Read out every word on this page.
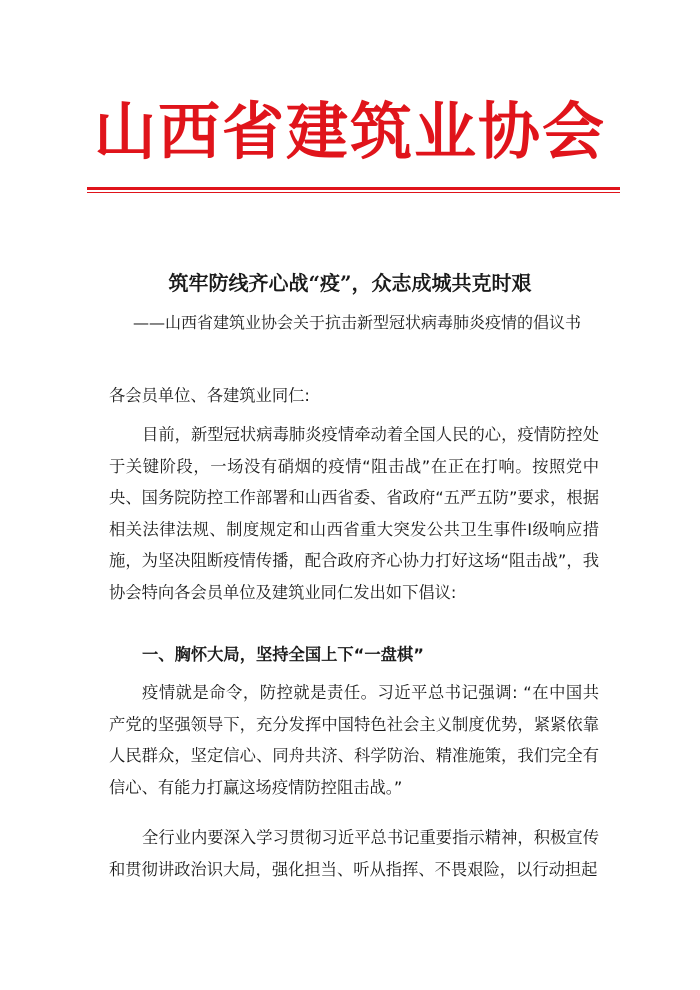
山西省建筑业协会
筑牢防线齐心战“疫”，众志成城共克时艰
——山西省建筑业协会关于抗击新型冠状病毒肺炎疫情的倡议书
各会员单位、各建筑业同仁:
目前，新型冠状病毒肺炎疫情牵动着全国人民的心，疫情防控处于关键阶段，一场没有硝烟的疫情“阻击战”在正在打响。按照党中央、国务院防控工作部署和山西省委、省政府“五严五防”要求，根据相关法律法规、制度规定和山西省重大突发公共卫生事件Ⅰ级响应措施，为坚决阻断疫情传播，配合政府齐心协力打好这场“阻击战”，我协会特向各会员单位及建筑业同仁发出如下倡议:
一、胸怀大局，坚持全国上下“一盘棋”
疫情就是命令，防控就是责任。习近平总书记强调: “在中国共产党的坚强领导下，充分发挥中国特色社会主义制度优势，紧紧依靠人民群众，坚定信心、同舟共济、科学防治、精准施策，我们完全有信心、有能力打赢这场疫情防控阻击战。”
全行业内要深入学习贯彻习近平总书记重要指示精神，积极宣传和贯彻讲政治识大局，强化担当、听从指挥、不畏艰险，以行动担起
